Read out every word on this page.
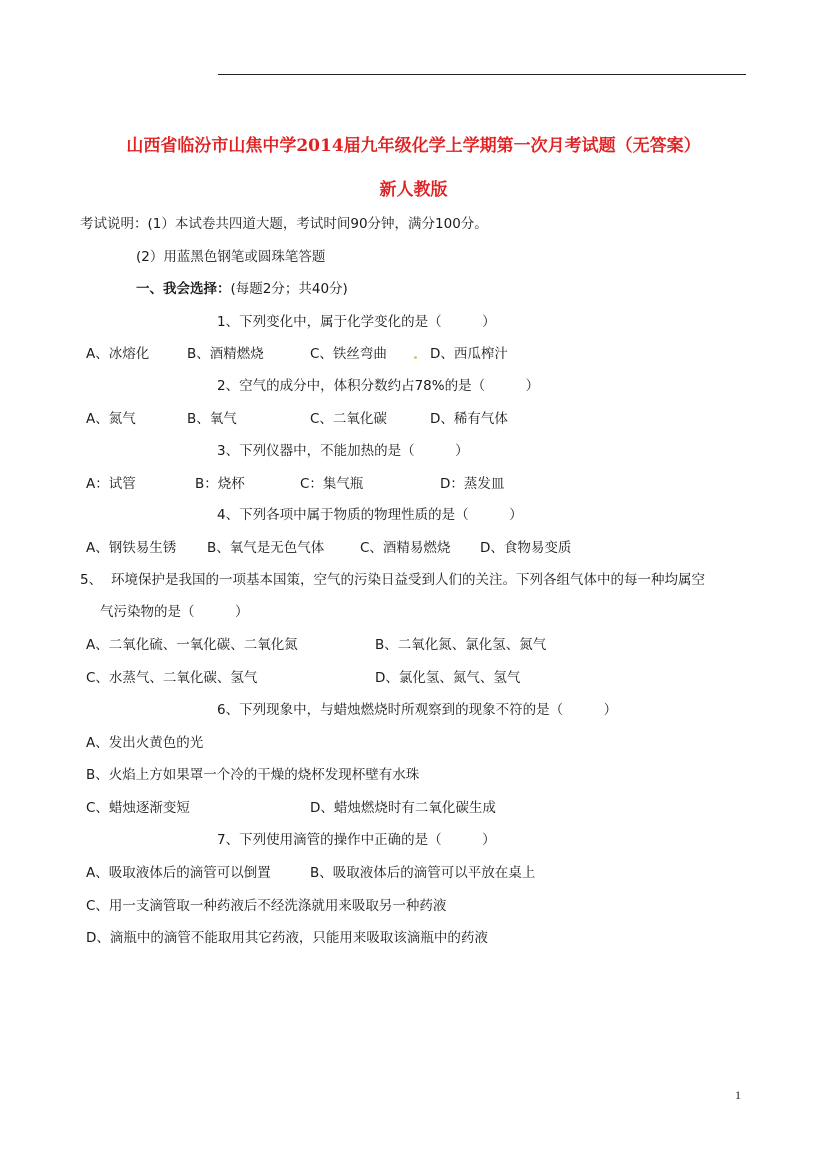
山西省临汾市山焦中学2014届九年级化学上学期第一次月考试题（无答案）
新人教版
考试说明：(1）本试卷共四道大题，考试时间90分钟，满分100分。
(2）用蓝黑色钢笔或圆珠笔答题
一、我会选择：(每题2分；共40分)
1、下列变化中，属于化学变化的是（　　　）
A、冰熔化	B、酒精燃烧	C、铁丝弯曲	D、西瓜榨汁
2、空气的成分中，体积分数约占78%的是（　　　）
A、氮气	B、氧气	C、二氧化碳	D、稀有气体
3、下列仪器中，不能加热的是（　　　）
A：试管	B：烧杯	C：集气瓶	D：蒸发皿
4、下列各项中属于物质的物理性质的是（　　　）
A、钢铁易生锈 B、氧气是无色气体	C、酒精易燃烧 D、食物易变质
5、 环境保护是我国的一项基本国策，空气的污染日益受到人们的关注。下列各组气体中的每一种均属空
气污染物的是（　　　）
A、二氧化硫、一氧化碳、二氧化氮	B、二氧化氮、氯化氢、氮气
C、水蒸气、二氧化碳、氢气	D、氯化氢、氮气、氢气
6、下列现象中，与蜡烛燃烧时所观察到的现象不符的是（　　　）
A、发出火黄色的光
B、火焰上方如果罩一个冷的干燥的烧杯发现杯壁有水珠
C、蜡烛逐渐变短	D、蜡烛燃烧时有二氧化碳生成
7、下列使用滴管的操作中正确的是（　　　）
A、吸取液体后的滴管可以倒置	B、吸取液体后的滴管可以平放在桌上
C、用一支滴管取一种药液后不经洗涤就用来吸取另一种药液
D、滴瓶中的滴管不能取用其它药液，只能用来吸取该滴瓶中的药液
1
